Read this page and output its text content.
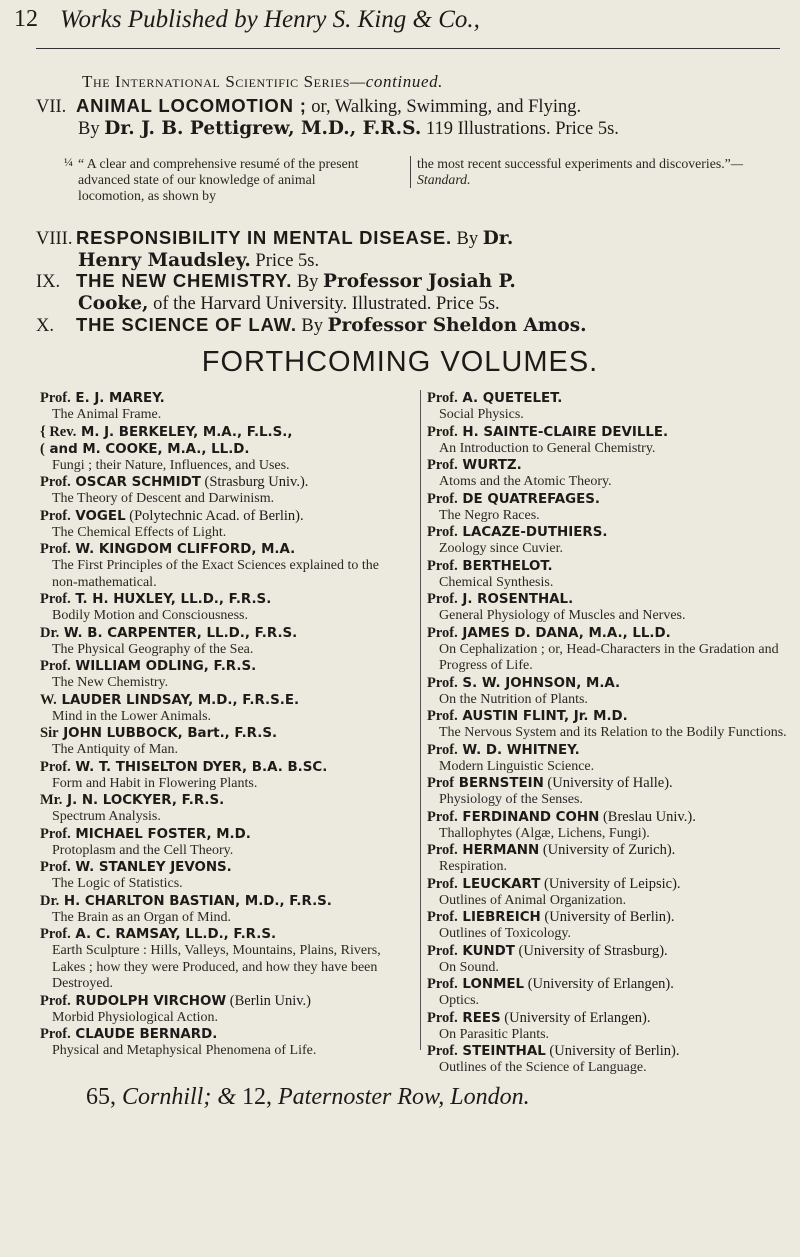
12 Works Published by Henry S. King & Co.,
The International Scientific Series—continued.
VII. ANIMAL LOCOMOTION ; or, Walking, Swimming, and Flying.
By Dr. J. B. Pettigrew, M.D., F.R.S. 119 Illustrations. Price 5s.
¼ “ A clear and comprehensive resumé of the present advanced state of our knowledge of animal locomotion, as shown by
the most recent successful experiments and discoveries.”—Standard.
VIII. RESPONSIBILITY IN MENTAL DISEASE. By Dr.
Henry Maudsley. Price 5s.
IX. THE NEW CHEMISTRY. By Professor Josiah P.
Cooke, of the Harvard University. Illustrated. Price 5s.
X. THE SCIENCE OF LAW. By Professor Sheldon Amos.
FORTHCOMING VOLUMES.
Prof. E. J. MAREY.
The Animal Frame.
{ Rev. M. J. BERKELEY, M.A., F.L.S.,
( and M. COOKE, M.A., LL.D.
Fungi ; their Nature, Influences, and Uses.
Prof. OSCAR SCHMIDT (Strasburg Univ.).
The Theory of Descent and Darwinism.
Prof. VOGEL (Polytechnic Acad. of Berlin).
The Chemical Effects of Light.
Prof. W. KINGDOM CLIFFORD, M.A.
The First Principles of the Exact Sciences explained to the non-mathematical.
Prof. T. H. HUXLEY, LL.D., F.R.S.
Bodily Motion and Consciousness.
Dr. W. B. CARPENTER, LL.D., F.R.S.
The Physical Geography of the Sea.
Prof. WILLIAM ODLING, F.R.S.
The New Chemistry.
W. LAUDER LINDSAY, M.D., F.R.S.E.
Mind in the Lower Animals.
Sir JOHN LUBBOCK, Bart., F.R.S.
The Antiquity of Man.
Prof. W. T. THISELTON DYER, B.A. B.SC.
Form and Habit in Flowering Plants.
Mr. J. N. LOCKYER, F.R.S.
Spectrum Analysis.
Prof. MICHAEL FOSTER, M.D.
Protoplasm and the Cell Theory.
Prof. W. STANLEY JEVONS.
The Logic of Statistics.
Dr. H. CHARLTON BASTIAN, M.D., F.R.S.
The Brain as an Organ of Mind.
Prof. A. C. RAMSAY, LL.D., F.R.S.
Earth Sculpture : Hills, Valleys, Mountains, Plains, Rivers, Lakes ; how they were Produced, and how they have been Destroyed.
Prof. RUDOLPH VIRCHOW (Berlin Univ.)
Morbid Physiological Action.
Prof. CLAUDE BERNARD.
Physical and Metaphysical Phenomena of Life.
Prof. A. QUETELET.
Social Physics.
Prof. H. SAINTE-CLAIRE DEVILLE.
An Introduction to General Chemistry.
Prof. WURTZ.
Atoms and the Atomic Theory.
Prof. DE QUATREFAGES.
The Negro Races.
Prof. LACAZE-DUTHIERS.
Zoology since Cuvier.
Prof. BERTHELOT.
Chemical Synthesis.
Prof. J. ROSENTHAL.
General Physiology of Muscles and Nerves.
Prof. JAMES D. DANA, M.A., LL.D.
On Cephalization ; or, Head-Characters in the Gradation and Progress of Life.
Prof. S. W. JOHNSON, M.A.
On the Nutrition of Plants.
Prof. AUSTIN FLINT, Jr. M.D.
The Nervous System and its Relation to the Bodily Functions.
Prof. W. D. WHITNEY.
Modern Linguistic Science.
Prof BERNSTEIN (University of Halle).
Physiology of the Senses.
Prof. FERDINAND COHN (Breslau Univ.).
Thallophytes (Algæ, Lichens, Fungi).
Prof. HERMANN (University of Zurich).
Respiration.
Prof. LEUCKART (University of Leipsic).
Outlines of Animal Organization.
Prof. LIEBREICH (University of Berlin).
Outlines of Toxicology.
Prof. KUNDT (University of Strasburg).
On Sound.
Prof. LONMEL (University of Erlangen).
Optics.
Prof. REES (University of Erlangen).
On Parasitic Plants.
Prof. STEINTHAL (University of Berlin).
Outlines of the Science of Language.
65, Cornhill; & 12, Paternoster Row, London.
